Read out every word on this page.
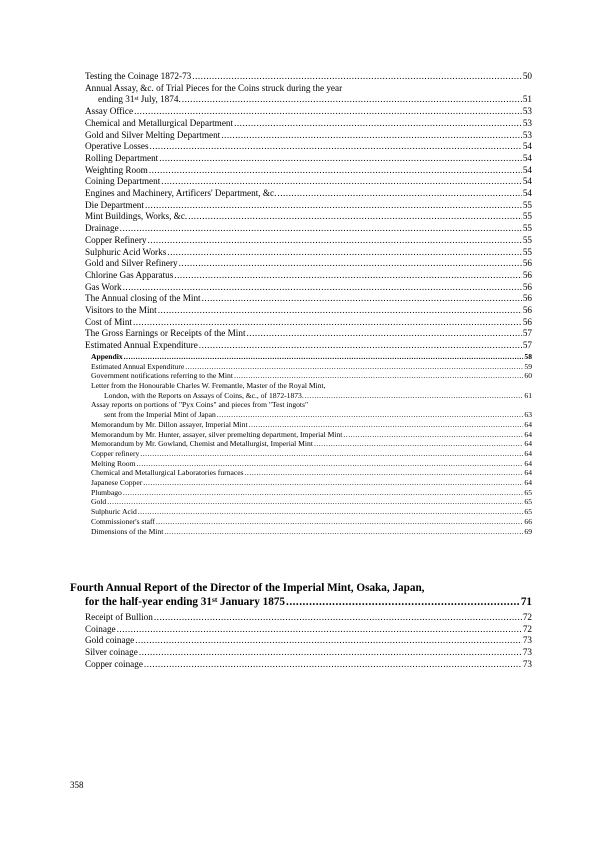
Testing the Coinage 1872-73 .....	50
Annual Assay, &c. of Trial Pieces for the Coins struck during the year
ending 31st July, 1874. .....	51
Assay Office .....	53
Chemical and Metallurgical Department .....	53
Gold and Silver Melting Department .....	53
Operative Losses .....	54
Rolling Department .....	54
Weighting Room .....	54
Coining Department .....	54
Engines and Machinery, Artificers' Department, &c. .....	54
Die Department .....	55
Mint Buildings, Works, &c. .....	55
Drainage .....	55
Copper Refinery .....	55
Sulphuric Acid Works .....	55
Gold and Silver Refinery .....	56
Chlorine Gas Apparatus .....	56
Gas Work .....	56
The Annual closing of the Mint .....	56
Visitors to the Mint .....	56
Cost of Mint .....	56
The Gross Earnings or Receipts of the Mint .....	57
Estimated Annual Expenditure .....	57
Appendix .....	58
Estimated Annual Expenditure .....	59
Government notifications referring to the Mint .....	60
Letter from the Honourable Charles W. Fremantle, Master of the Royal Mint,
London, with the Reports on Assays of Coins, &c., of 1872-1873. .....	61
Assay reports on portions of "Pyx Coins" and pieces from "Test ingots"
sent from the Imperial Mint of Japan .....	63
Memorandum by Mr. Dillon assayer, Imperial Mint .....	64
Memorandum by Mr. Hunter, assayer, silver premelting department, Imperial Mint .....	64
Memorandum by Mr. Gowland, Chemist and Metallurgist, Imperial Mint .....	64
Copper refinery .....	64
Melting Room .....	64
Chemical and Metallurgical Laboratories furnaces .....	64
Japanese Copper .....	64
Plumbago .....	65
Gold .....	65
Sulphuric Acid .....	65
Commissioner's staff .....	66
Dimensions of the Mint .....	69
Fourth Annual Report of the Director of the Imperial Mint, Osaka, Japan,
for the half-year ending 31st January 1875 .....	71
Receipt of Bullion .....	72
Coinage .....	72
Gold coinage .....	73
Silver coinage .....	73
Copper coinage .....	73
358
